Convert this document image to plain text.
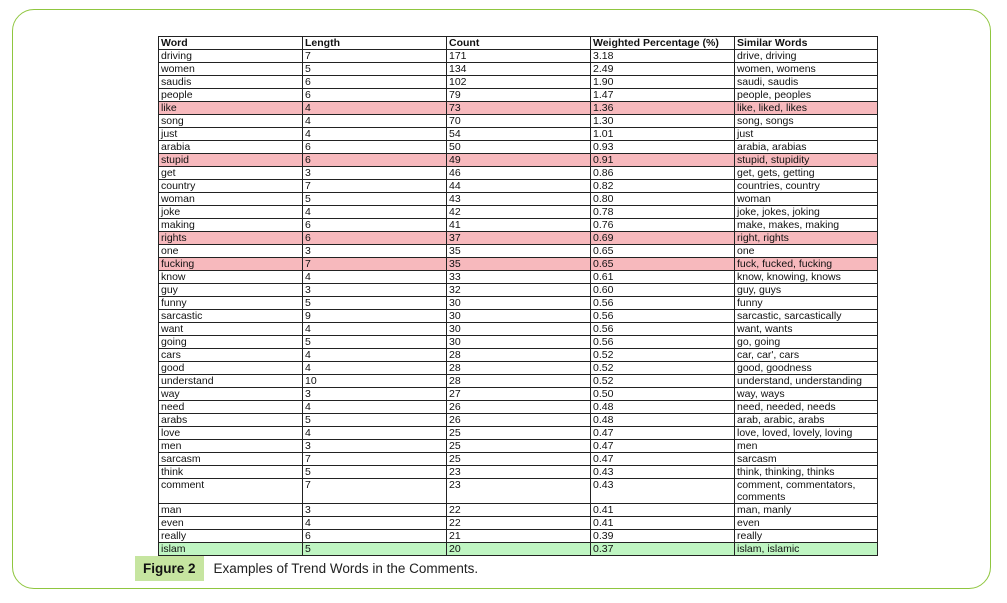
Word	Length	Count	Weighted Percentage (%)	Similar Words
driving	7	171	3.18	drive, driving
women	5	134	2.49	women, womens
saudis	6	102	1.90	saudi, saudis
people	6	79	1.47	people, peoples
like	4	73	1.36	like, liked, likes
song	4	70	1.30	song, songs
just	4	54	1.01	just
arabia	6	50	0.93	arabia, arabias
stupid	6	49	0.91	stupid, stupidity
get	3	46	0.86	get, gets, getting
country	7	44	0.82	countries, country
woman	5	43	0.80	woman
joke	4	42	0.78	joke, jokes, joking
making	6	41	0.76	make, makes, making
rights	6	37	0.69	right, rights
one	3	35	0.65	one
fucking	7	35	0.65	fuck, fucked, fucking
know	4	33	0.61	know, knowing, knows
guy	3	32	0.60	guy, guys
funny	5	30	0.56	funny
sarcastic	9	30	0.56	sarcastic, sarcastically
want	4	30	0.56	want, wants
going	5	30	0.56	go, going
cars	4	28	0.52	car, car', cars
good	4	28	0.52	good, goodness
understand	10	28	0.52	understand, understanding
way	3	27	0.50	way, ways
need	4	26	0.48	need, needed, needs
arabs	5	26	0.48	arab, arabic, arabs
love	4	25	0.47	love, loved, lovely, loving
men	3	25	0.47	men
sarcasm	7	25	0.47	sarcasm
think	5	23	0.43	think, thinking, thinks
comment	7	23	0.43	comment, commentators, comments
man	3	22	0.41	man, manly
even	4	22	0.41	even
really	6	21	0.39	really
islam	5	20	0.37	islam, islamic
Figure 2	Examples of Trend Words in the Comments.
